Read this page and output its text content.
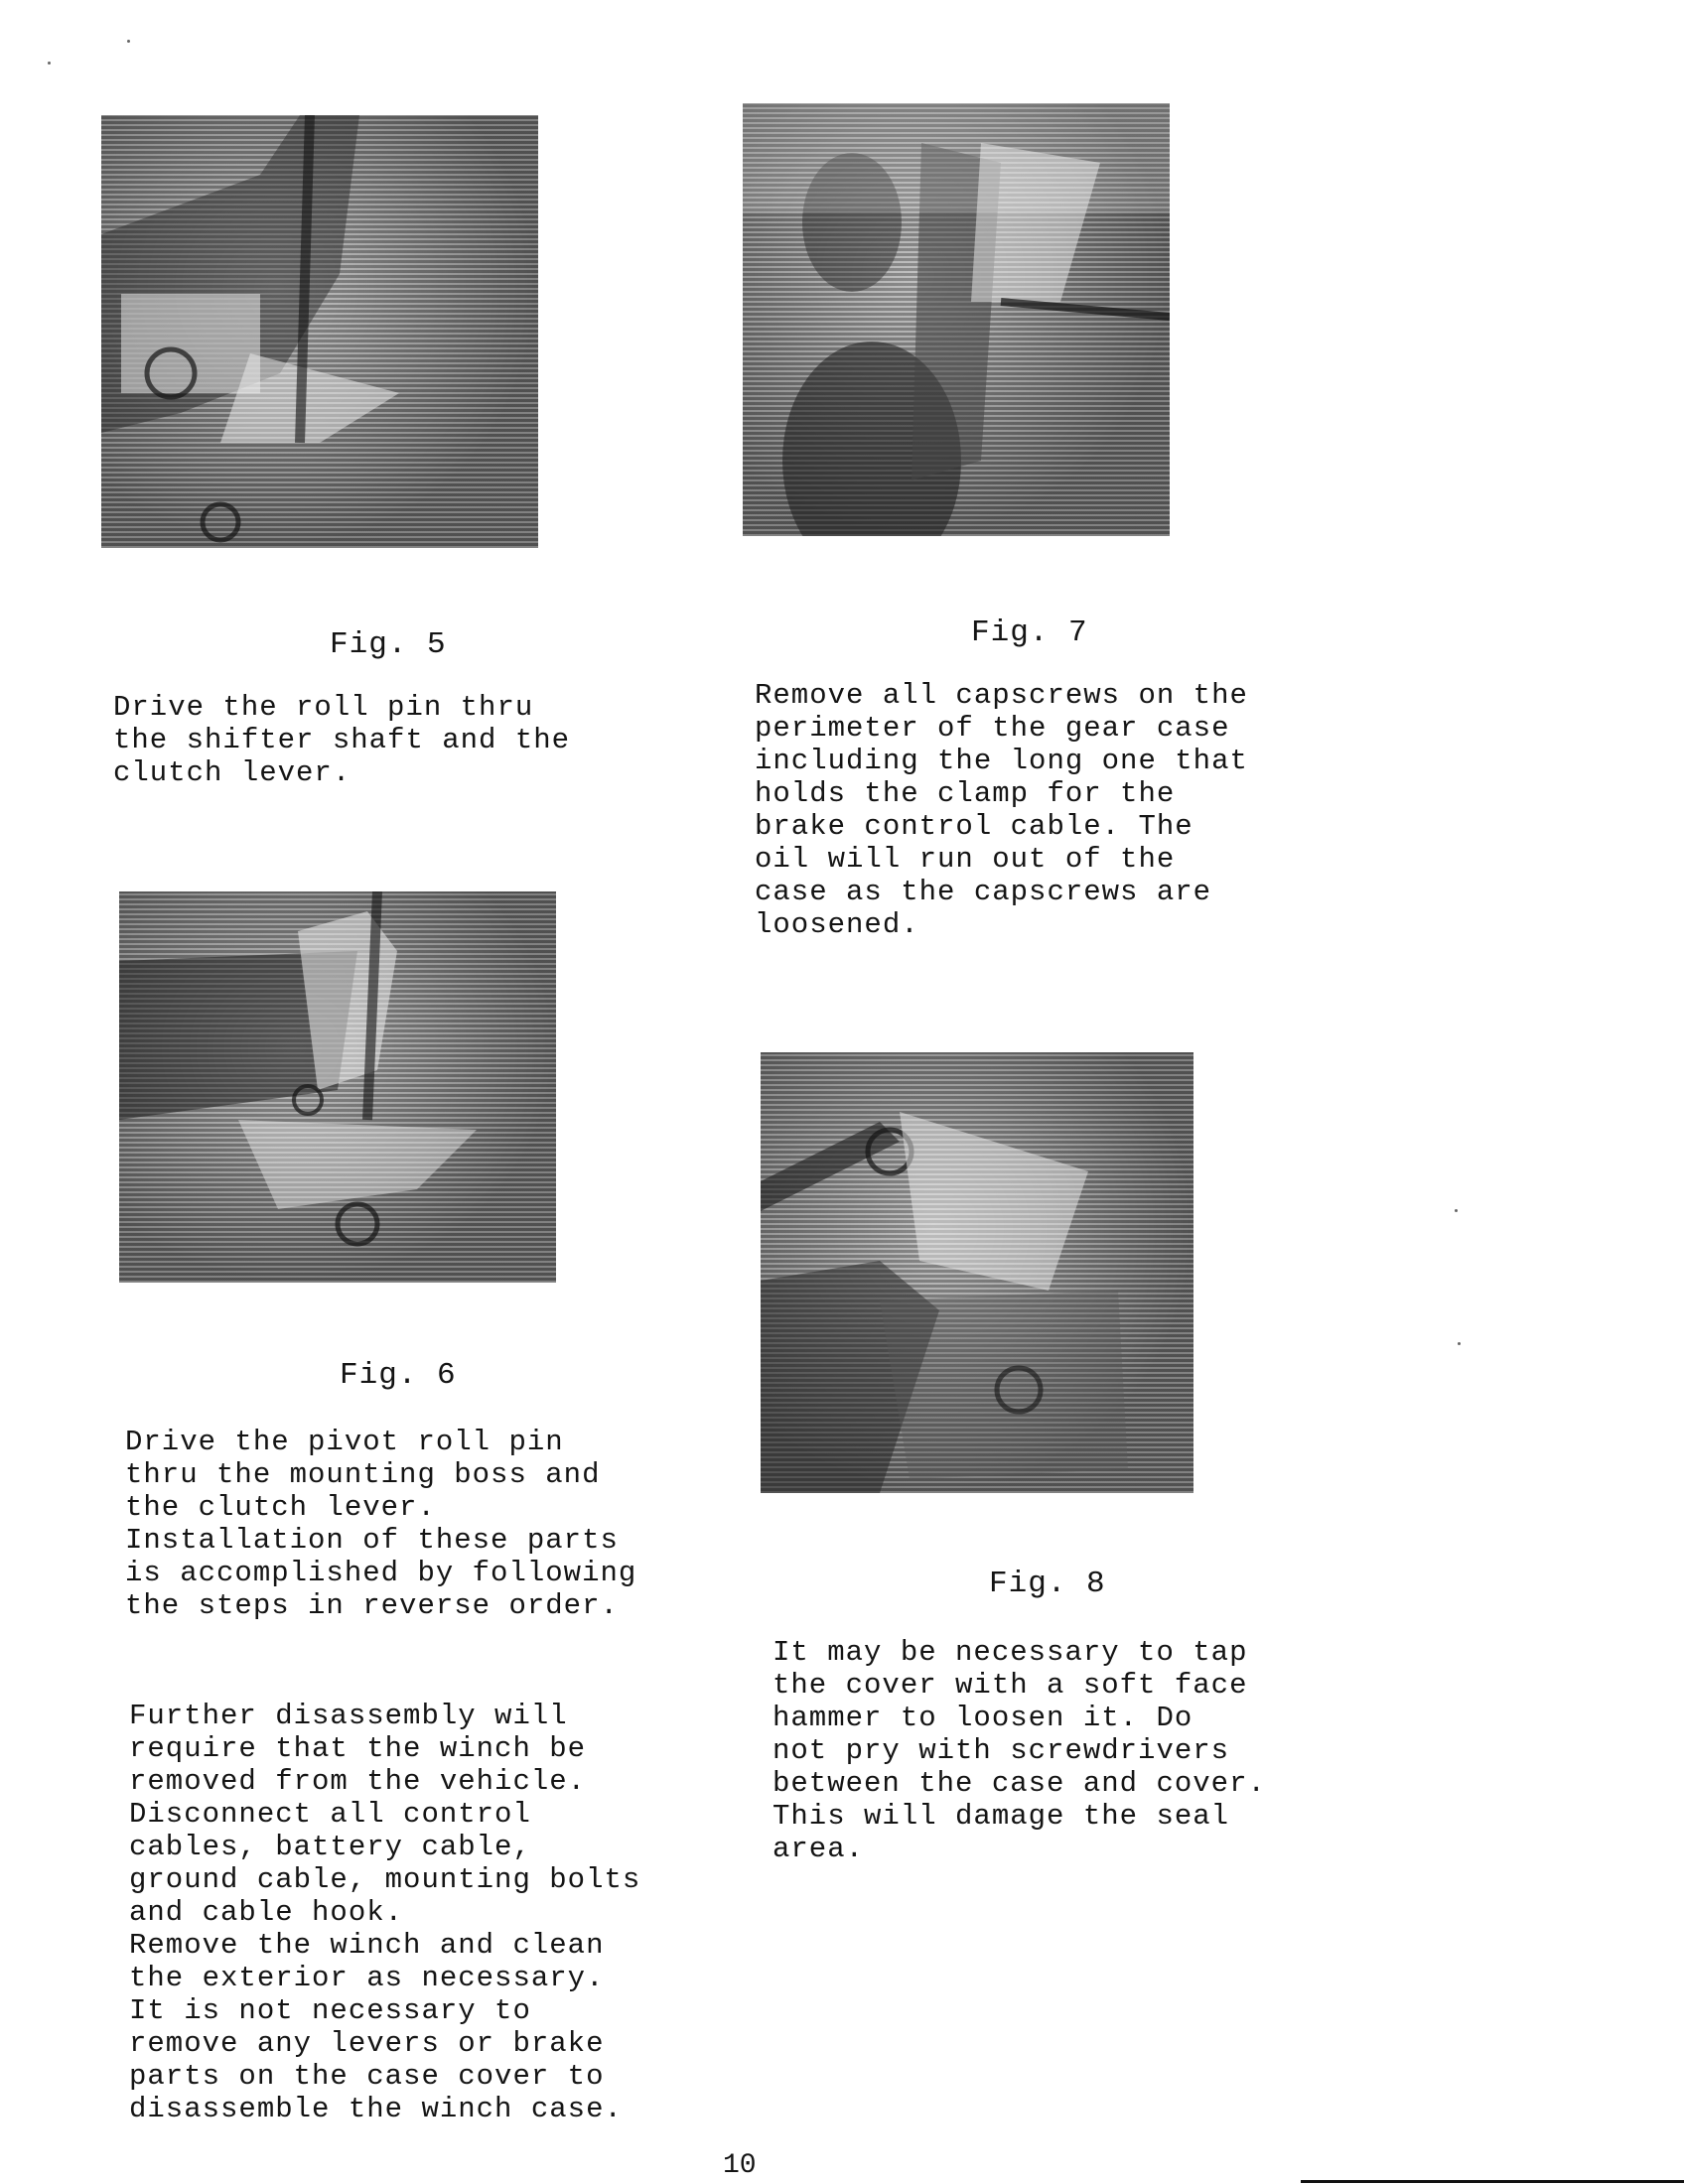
Fig. 5
Drive the roll pin thru
the shifter shaft and the
clutch lever.
Fig. 6
Drive the pivot roll pin
thru the mounting boss and
the clutch lever.
Installation of these parts
is accomplished by following
the steps in reverse order.
Further disassembly will
require that the winch be
removed from the vehicle.
Disconnect all control
cables, battery cable,
ground cable, mounting bolts
and cable hook.
Remove the winch and clean
the exterior as necessary.
It is not necessary to
remove any levers or brake
parts on the case cover to
disassemble the winch case.
Fig. 7
Remove all capscrews on the
perimeter of the gear case
including the long one that
holds the clamp for the
brake control cable. The
oil will run out of the
case as the capscrews are
loosened.
Fig. 8
It may be necessary to tap
the cover with a soft face
hammer to loosen it. Do
not pry with screwdrivers
between the case and cover.
This will damage the seal
area.
10
